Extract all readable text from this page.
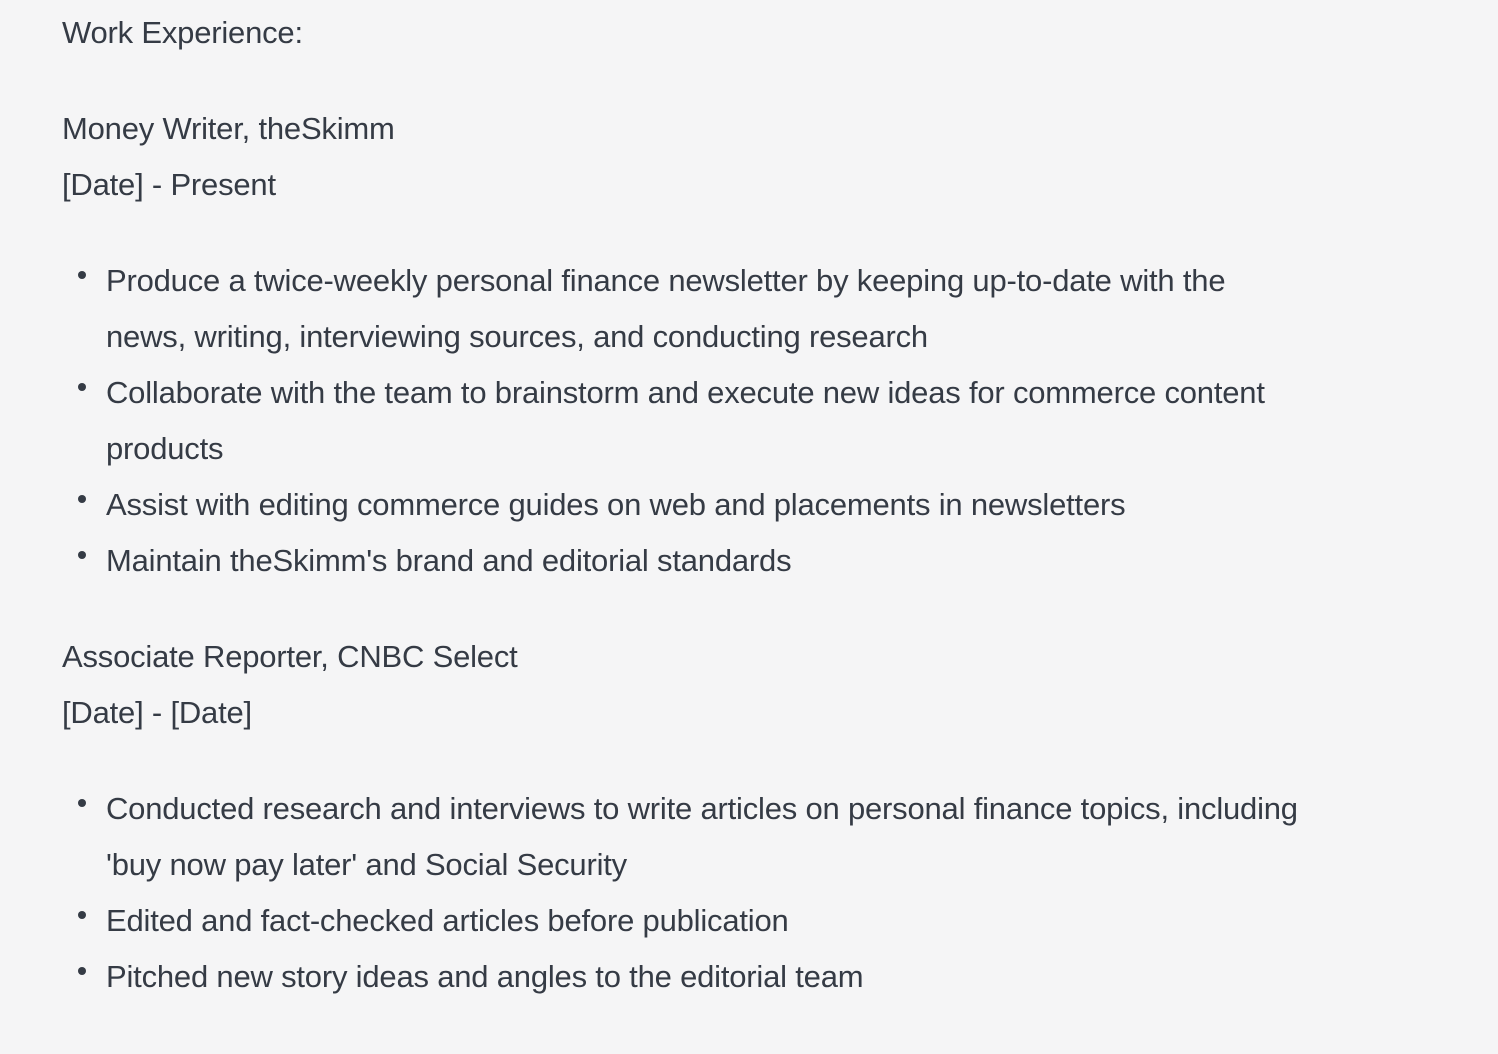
Work Experience:

Money Writer, theSkimm
[Date] - Present

Produce a twice-weekly personal finance newsletter by keeping up-to-date with the
news, writing, interviewing sources, and conducting research
Collaborate with the team to brainstorm and execute new ideas for commerce content
products
Assist with editing commerce guides on web and placements in newsletters
Maintain theSkimm's brand and editorial standards

Associate Reporter, CNBC Select
[Date] - [Date]

Conducted research and interviews to write articles on personal finance topics, including
'buy now pay later' and Social Security
Edited and fact-checked articles before publication
Pitched new story ideas and angles to the editorial team
